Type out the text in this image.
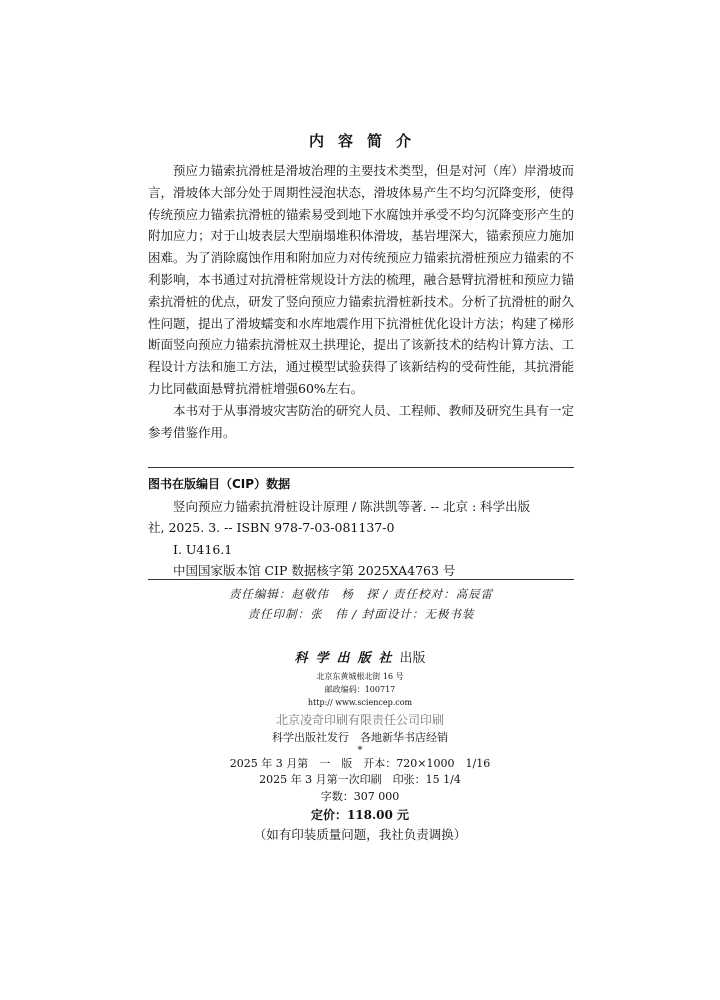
内容简介

预应力锚索抗滑桩是滑坡治理的主要技术类型，但是对河（库）岸滑坡而言，滑坡体大部分处于周期性浸泡状态，滑坡体易产生不均匀沉降变形，使得传统预应力锚索抗滑桩的锚索易受到地下水腐蚀并承受不均匀沉降变形产生的附加应力；对于山坡表层大型崩塌堆积体滑坡，基岩埋深大，锚索预应力施加困难。为了消除腐蚀作用和附加应力对传统预应力锚索抗滑桩预应力锚索的不利影响，本书通过对抗滑桩常规设计方法的梳理，融合悬臂抗滑桩和预应力锚索抗滑桩的优点，研发了竖向预应力锚索抗滑桩新技术。分析了抗滑桩的耐久性问题，提出了滑坡蠕变和水库地震作用下抗滑桩优化设计方法；构建了梯形断面竖向预应力锚索抗滑桩双土拱理论，提出了该新技术的结构计算方法、工程设计方法和施工方法，通过模型试验获得了该新结构的受荷性能，其抗滑能力比同截面悬臂抗滑桩增强60%左右。

本书对于从事滑坡灾害防治的研究人员、工程师、教师及研究生具有一定参考借鉴作用。

图书在版编目（CIP）数据
竖向预应力锚索抗滑桩设计原理 / 陈洪凯等著. -- 北京 : 科学出版
社, 2025. 3. -- ISBN 978-7-03-081137-0
Ⅰ. U416.1
中国国家版本馆 CIP 数据核字第 2025XA4763 号
责任编辑：赵敬伟　杨　探 / 责任校对：高辰雷
责任印制：张　伟 / 封面设计：无极书装
科学出版社出版
北京东黄城根北街 16 号
邮政编码：100717
http:// www.sciencep.com
北京凌奇印刷有限责任公司印刷
科学出版社发行　各地新华书店经销
*
2025 年 3 月第　一　版　开本：720×1000　1/16
2025 年 3 月第一次印刷　印张：15 1/4
字数：307 000
定价：118.00 元
（如有印装质量问题，我社负责调换）
